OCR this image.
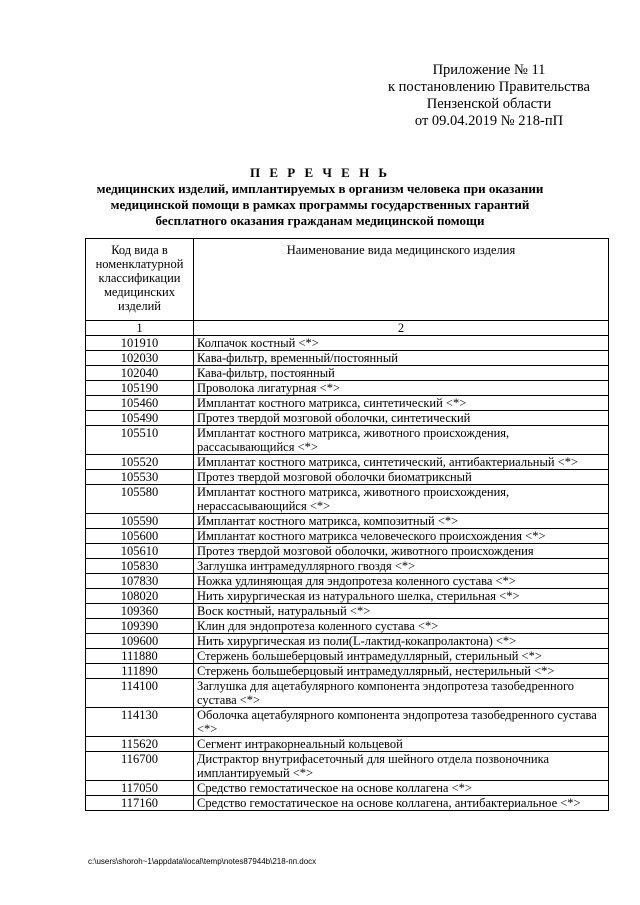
Приложение № 11
к постановлению Правительства
Пензенской области
от 09.04.2019 № 218-пП
П Е Р Е Ч Е Н Ь
медицинских изделий, имплантируемых в организм человека при оказании
медицинской помощи в рамках программы государственных гарантий
бесплатного оказания гражданам медицинской помощи
Код вида в номенклатурной классификации медицинских изделий	Наименование вида медицинского изделия
1	2
101910	Колпачок костный <*>
102030	Кава-фильтр, временный/постоянный
102040	Кава-фильтр, постоянный
105190	Проволока лигатурная <*>
105460	Имплантат костного матрикса, синтетический <*>
105490	Протез твердой мозговой оболочки, синтетический
105510	Имплантат костного матрикса, животного происхождения, рассасывающийся <*>
105520	Имплантат костного матрикса, синтетический, антибактериальный <*>
105530	Протез твердой мозговой оболочки биоматриксный
105580	Имплантат костного матрикса, животного происхождения, нерассасывающийся <*>
105590	Имплантат костного матрикса, композитный <*>
105600	Имплантат костного матрикса человеческого происхождения <*>
105610	Протез твердой мозговой оболочки, животного происхождения
105830	Заглушка интрамедуллярного гвоздя <*>
107830	Ножка удлиняющая для эндопротеза коленного сустава <*>
108020	Нить хирургическая из натурального шелка, стерильная <*>
109360	Воск костный, натуральный <*>
109390	Клин для эндопротеза коленного сустава <*>
109600	Нить хирургическая из поли(L-лактид-кокапролактона) <*>
111880	Стержень большеберцовый интрамедуллярный, стерильный <*>
111890	Стержень большеберцовый интрамедуллярный, нестерильный <*>
114100	Заглушка для ацетабулярного компонента эндопротеза тазобедренного сустава <*>
114130	Оболочка ацетабулярного компонента эндопротеза тазобедренного сустава <*>
115620	Сегмент интракорнеальный кольцевой
116700	Дистрактор внутрифасеточный для шейного отдела позвоночника имплантируемый <*>
117050	Средство гемостатическое на основе коллагена <*>
117160	Средство гемостатическое на основе коллагена, антибактериальное <*>
c:\users\shoroh~1\appdata\local\temp\notes87944b\218-пп.docx
